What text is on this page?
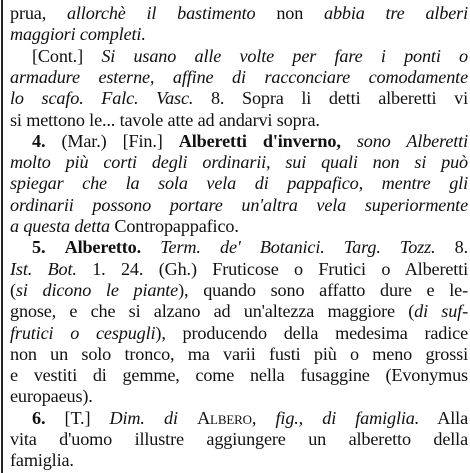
prua, allorchè il bastimento non abbia tre alberi
maggiori completi.
[Cont.] Si usano alle volte per fare i ponti o
armadure esterne, affine di racconciare comodamente
lo scafo. Falc. Vasc. 8. Sopra li detti alberetti vi
si mettono le... tavole atte ad andarvi sopra.
4. (Mar.) [Fin.] Alberetti d'inverno, sono Alberetti
molto più corti degli ordinarii, sui quali non si può
spiegar che la sola vela di pappafico, mentre gli
ordinarii possono portare un'altra vela superiormente
a questa detta Contropappafico.
5. Alberetto. Term. de' Botanici. Targ. Tozz. 8.
Ist. Bot. 1. 24. (Gh.) Fruticose o Frutici o Alberetti
(si dicono le piante), quando sono affatto dure e le-
gnose, e che si alzano ad un'altezza maggiore (di suf-
frutici o cespugli), producendo della medesima radice
non un solo tronco, ma varii fusti più o meno grossi
e vestiti di gemme, come nella fusaggine (Evonymus
europaeus).
6. [T.] Dim. di Albero, fig., di famiglia. Alla
vita d'uomo illustre aggiungere un alberetto della
famiglia.
